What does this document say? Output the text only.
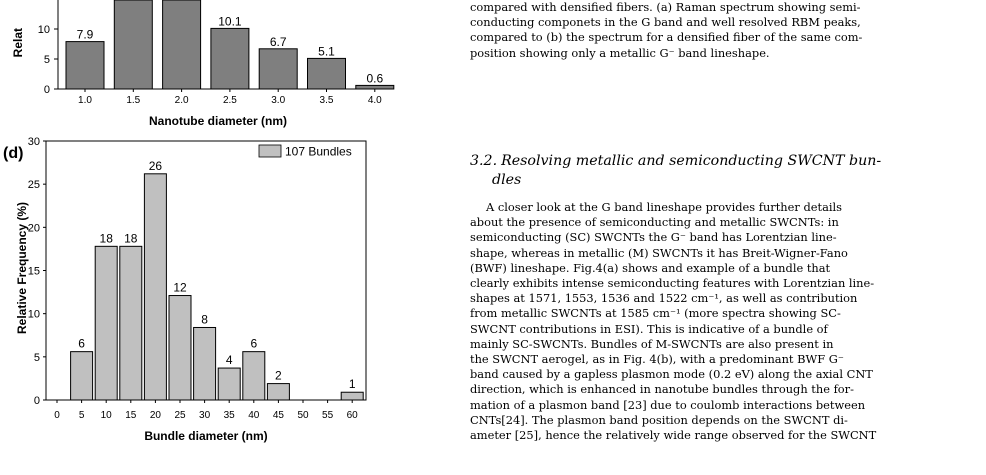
Relat
0
5
10 7.9
10.1
6.7
5.1
0.6
1.0	1.5	2.0	2.5	3.0	3.5	4.0
Nanotube diameter (nm)
(d)
Relative Frequency (%)
0
5
10
15
20
25
30
6
18 18
26
12
8
4
6
2
1
0 5 10 15 20 25 30 35 40 45 50 55 60
107 Bundles
Bundle diameter (nm)

compared with densified fibers. (a) Raman spectrum showing semi-

conducting componets in the G band and well resolved RBM peaks,

compared to (b) the spectrum for a densified fiber of the same com-

position showing only a metallic G⁻ band lineshape.

3.2. Resolving metallic and semiconducting SWCNT bun-
dles

A closer look at the G band lineshape provides further details

about the presence of semiconducting and metallic SWCNTs: in

semiconducting (SC) SWCNTs the G⁻ band has Lorentzian line-

shape, whereas in metallic (M) SWCNTs it has Breit-Wigner-Fano

(BWF) lineshape. Fig.4(a) shows and example of a bundle that

clearly exhibits intense semiconducting features with Lorentzian line-

shapes at 1571, 1553, 1536 and 1522 cm⁻¹, as well as contribution

from metallic SWCNTs at 1585 cm⁻¹ (more spectra showing SC-

SWCNT contributions in ESI). This is indicative of a bundle of

mainly SC-SWCNTs. Bundles of M-SWCNTs are also present in

the SWCNT aerogel, as in Fig. 4(b), with a predominant BWF G⁻

band caused by a gapless plasmon mode (0.2 eV) along the axial CNT

direction, which is enhanced in nanotube bundles through the for-

mation of a plasmon band [23] due to coulomb interactions between

CNTs[24]. The plasmon band position depends on the SWCNT di-

ameter [25], hence the relatively wide range observed for the SWCNT
